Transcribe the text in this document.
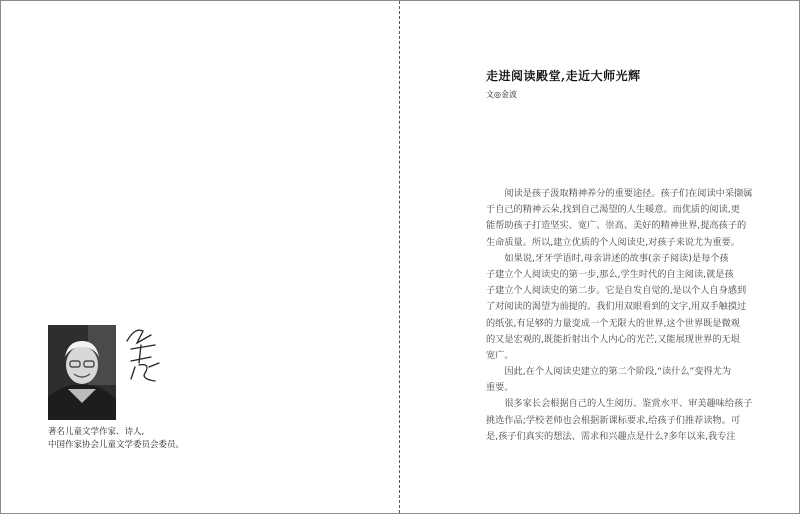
著名儿童文学作家、诗人,
中国作家协会儿童文学委员会委员。
走进阅读殿堂,走近大师光辉
文◎金波
　　阅读是孩子汲取精神养分的重要途径。孩子们在阅读中采撷属
于自己的精神云朵,找到自己渴望的人生暖意。而优质的阅读,更
能帮助孩子打造坚实、宽广、崇高、美好的精神世界,提高孩子的
生命质量。所以,建立优质的个人阅读史,对孩子来说尤为重要。
　　如果说,牙牙学语时,母亲讲述的故事(亲子阅读)是每个孩
子建立个人阅读史的第一步,那么,学生时代的自主阅读,就是孩
子建立个人阅读史的第二步。它是自发自觉的,是以个人自身感到
了对阅读的渴望为前提的。我们用双眼看到的文字,用双手触摸过
的纸张,有足够的力量变成一个无限大的世界,这个世界既是微观
的又是宏观的,既能折射出个人内心的光芒,又能展现世界的无垠
宽广。
　　因此,在个人阅读史建立的第二个阶段,“读什么”变得尤为
重要。
　　很多家长会根据自己的人生阅历、鉴赏水平、审美趣味给孩子
挑选作品;学校老师也会根据新课标要求,给孩子们推荐读物。可
是,孩子们真实的想法、需求和兴趣点是什么?多年以来,我专注
